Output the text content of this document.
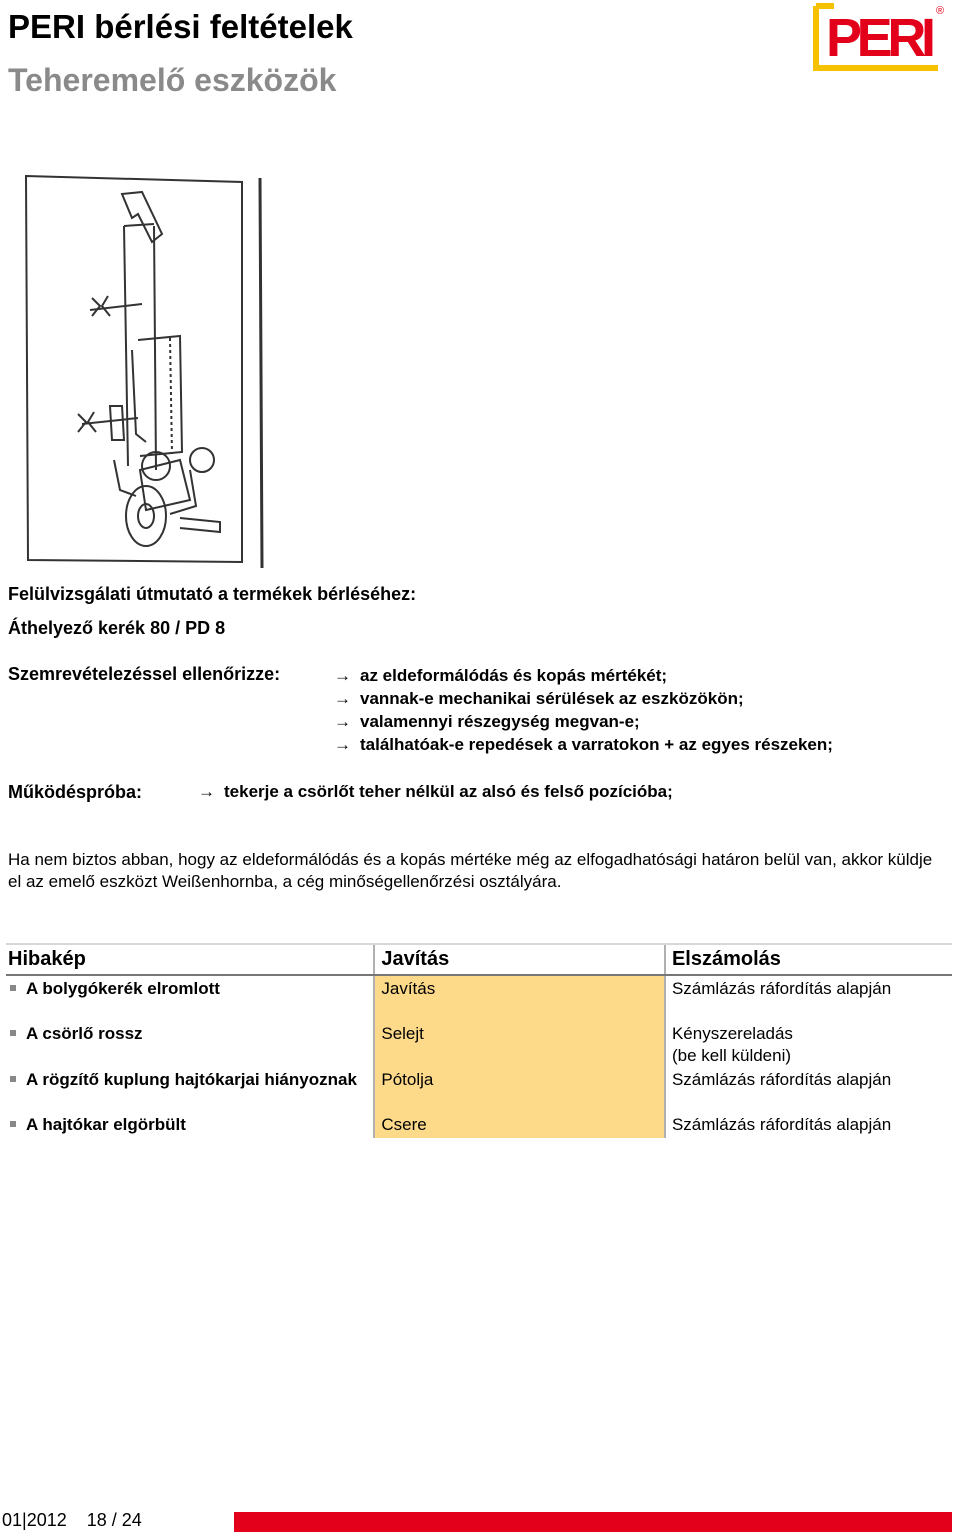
PERI bérlési feltételek
Teheremelő eszközök
PERI ®
Felülvizsgálati útmutató a termékek bérléséhez:
Áthelyező kerék 80 / PD 8
Szemrevételezéssel ellenőrizze:	→ az eldeformálódás és kopás mértékét;
→ vannak-e mechanikai sérülések az eszközökön;
→ valamennyi részegység megvan-e;
→ találhatóak-e repedések a varratokon + az egyes részeken;
Működéspróba:	→ tekerje a csörlőt teher nélkül az alsó és felső pozícióba;
Ha nem biztos abban, hogy az eldeformálódás és a kopás mértéke még az elfogadhatósági határon belül van, akkor küldje el az emelő eszközt Weißenhornba, a cég minőségellenőrzési osztályára.
Hibakép	Javítás	Elszámolás
A bolygókerék elromlott	Javítás	Számlázás ráfordítás alapján

A csörlő rossz	Selejt	Kényszereladás
(be kell küldeni)

A rögzítő kuplung hajtókarjai hiányoznak	Pótolja	Számlázás ráfordítás alapján

A hajtókar elgörbült	Csere	Számlázás ráfordítás alapján
01|2012 18 / 24
